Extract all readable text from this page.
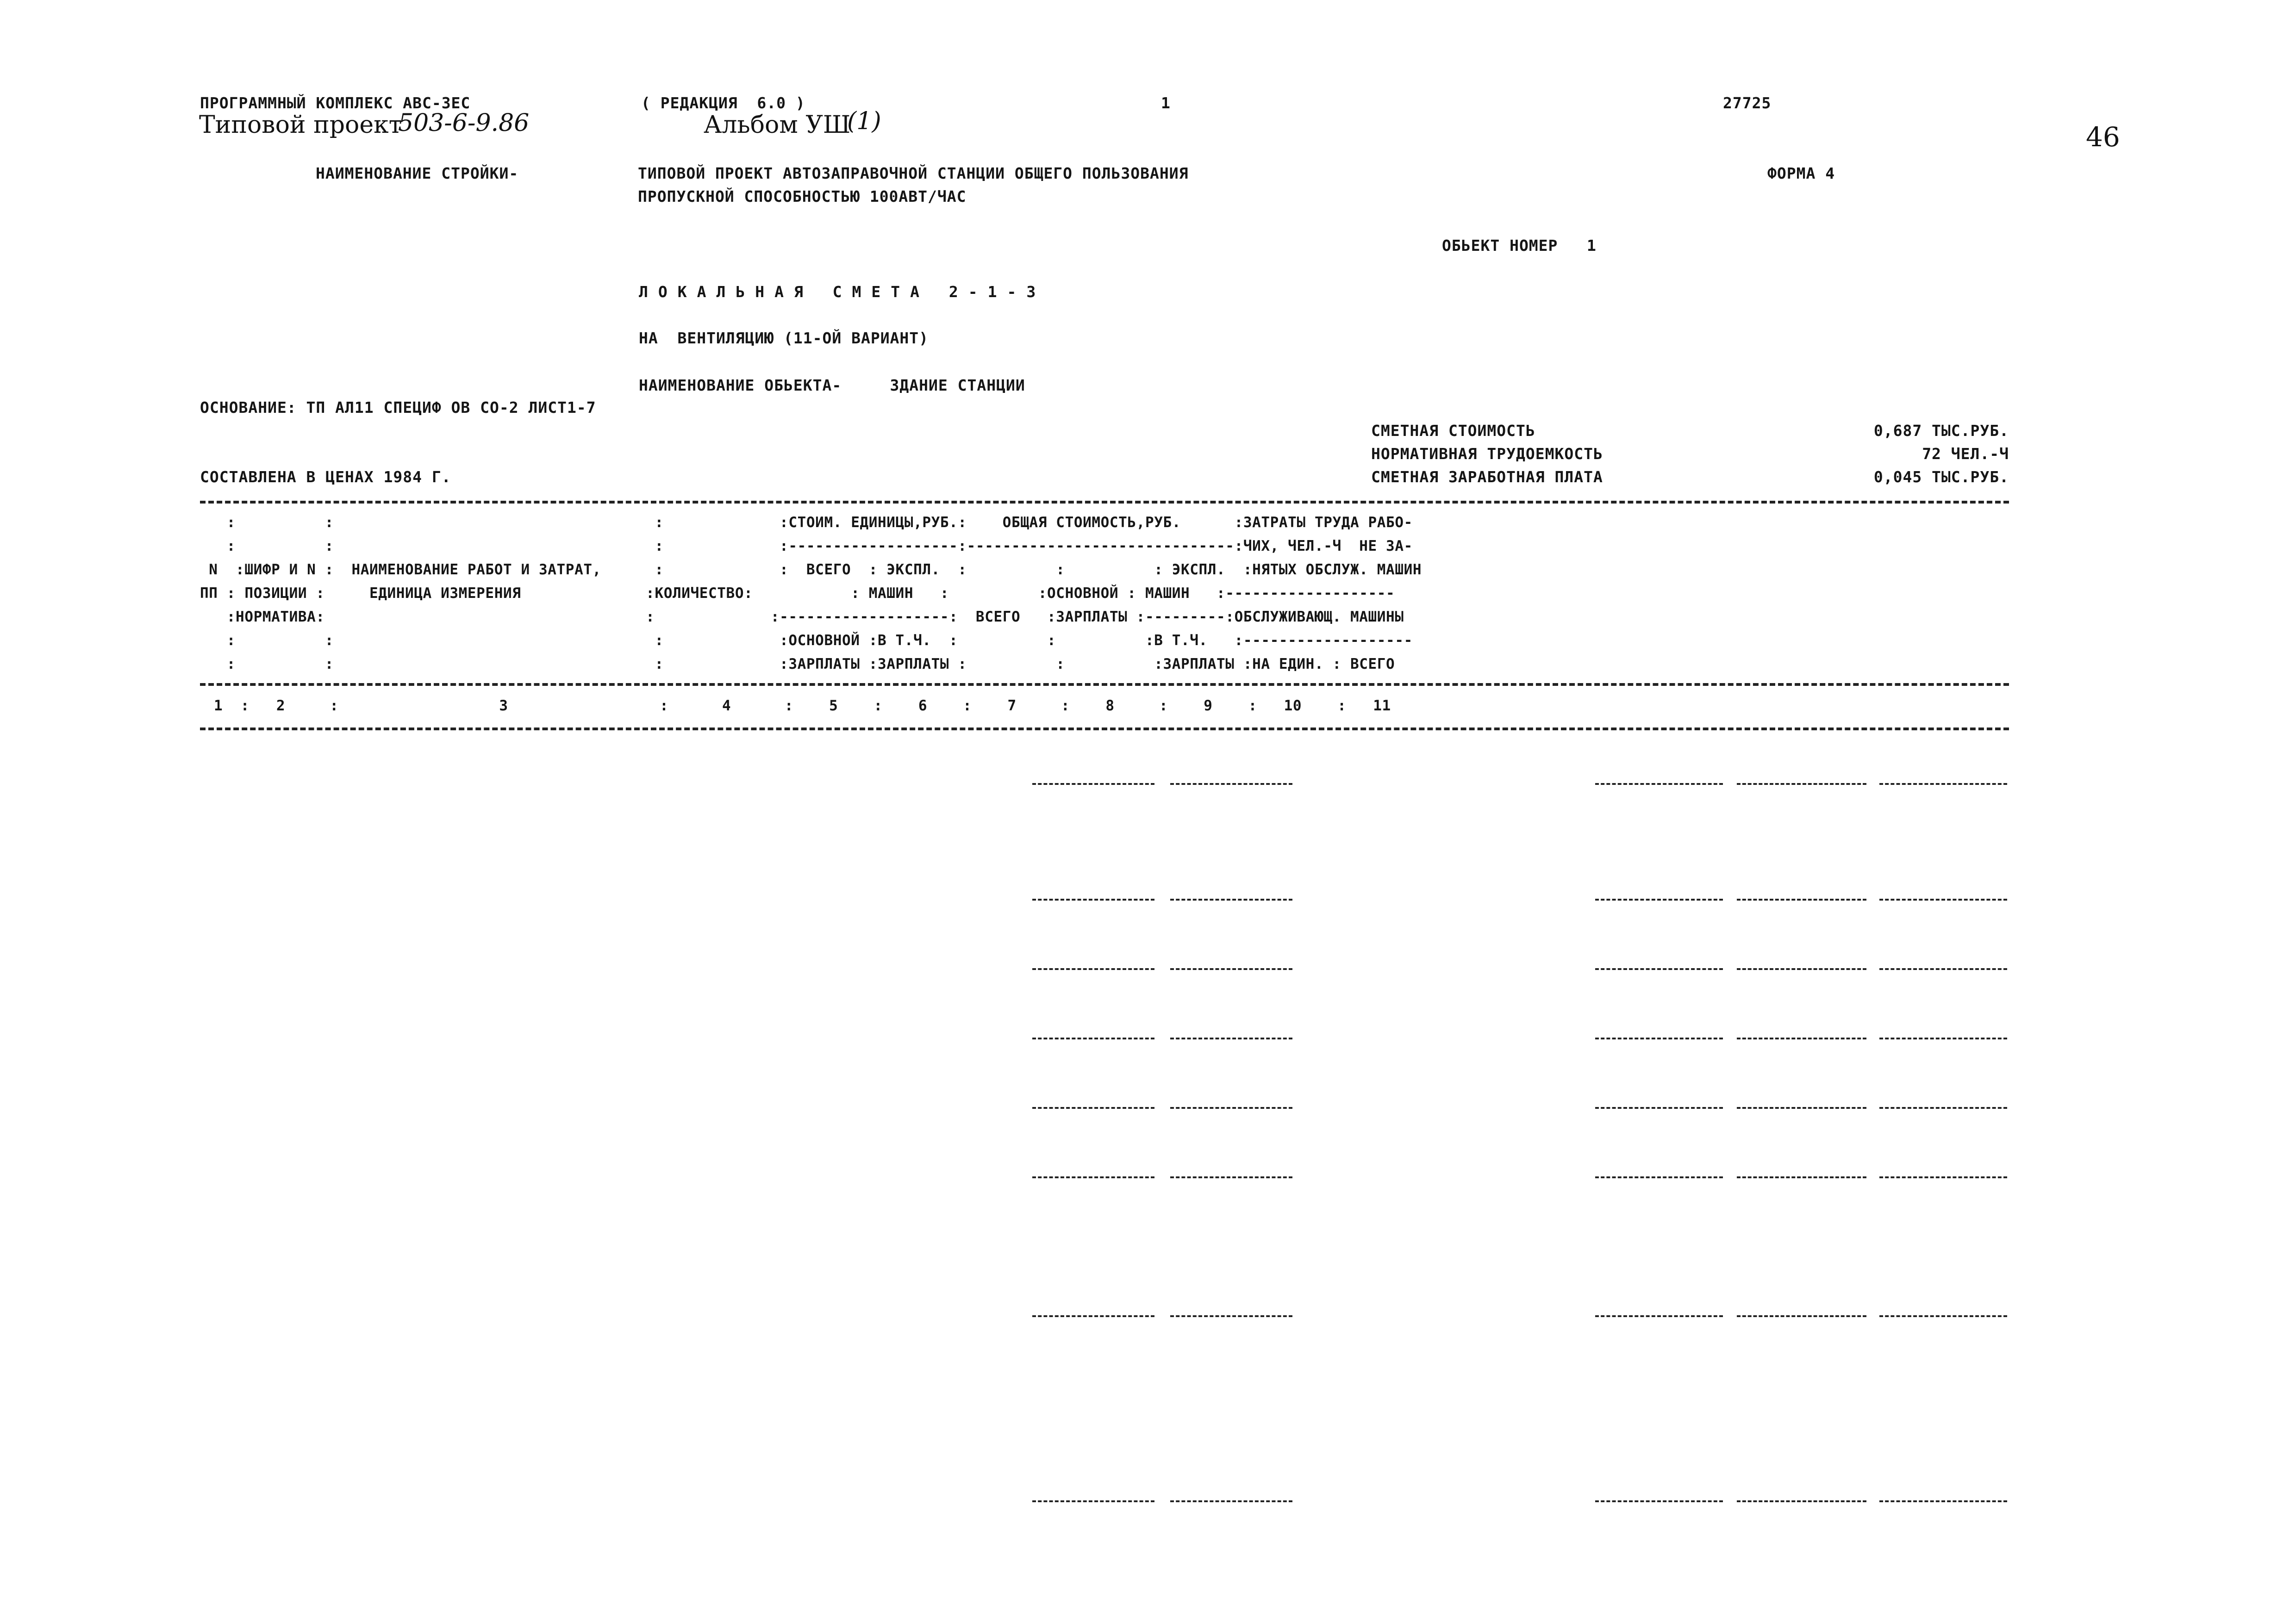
ПРОГРАММНЫЙ КОМПЛЕКС АВС-ЗЕС	( РЕДАКЦИЯ  6.0 )	1	27725
46
Типовой проект
503-6-9.86	Альбом УШ
(1)
НАИМЕНОВАНИЕ СТРОЙКИ-	ТИПОВОЙ ПРОЕКТ АВТОЗАПРАВОЧНОЙ СТАНЦИИ ОБЩЕГО ПОЛЬЗОВАНИЯ
ПРОПУСКНОЙ СПОСОБНОСТЬЮ 100АВТ/ЧАС
ФОРМА 4
ОБЬЕКТ НОМЕР   1
ЛОКАЛЬНАЯ СМЕТА 2-1-3
НА  ВЕНТИЛЯЦИЮ (11-ОЙ ВАРИАНТ)
НАИМЕНОВАНИЕ ОБЬЕКТА-     ЗДАНИЕ СТАНЦИИ
ОСНОВАНИЕ: ТП АЛ11 СПЕЦИФ ОВ СО-2 ЛИСТ1-7
СМЕТНАЯ СТОИМОСТЬ	0,687 ТЫС.РУБ.
НОРМАТИВНАЯ ТРУДОЕМКОСТЬ	72 ЧЕЛ.-Ч
СОСТАВЛЕНА В ЦЕНАХ 1984 Г.	СМЕТНАЯ ЗАРАБОТНАЯ ПЛАТА	0,045 ТЫС.РУБ.
:          :                                    :             :СТОИМ. ЕДИНИЦЫ,РУБ.:    ОБЩАЯ СТОИМОСТЬ,РУБ.      :ЗАТРАТЫ ТРУДА РАБО-
:          :                                    :             :-------------------:------------------------------:ЧИХ, ЧЕЛ.-Ч  НЕ ЗА-
N  :ШИФР И N :  НАИМЕНОВАНИЕ РАБОТ И ЗАТРАТ,      :             :  ВСЕГО  : ЭКСПЛ.  :          :          : ЭКСПЛ.  :НЯТЫХ ОБСЛУЖ. МАШИН
ПП : ПОЗИЦИИ :     ЕДИНИЦА ИЗМЕРЕНИЯ              :КОЛИЧЕСТВО:           : МАШИН   :          :ОСНОВНОЙ : МАШИН   :-------------------
:НОРМАТИВА:                                    :             :-------------------:  ВСЕГО   :ЗАРПЛАТЫ :---------:ОБСЛУЖИВАЮЩ. МАШИНЫ
:          :                                    :             :ОСНОВНОЙ :В Т.Ч.  :          :          :В Т.Ч.   :-------------------
:          :                                    :             :ЗАРПЛАТЫ :ЗАРПЛАТЫ :          :          :ЗАРПЛАТЫ :НА ЕДИН. : ВСЕГО
1  :   2     :                  3                 :      4      :    5    :    6    :    7     :    8     :    9    :   10    :   11
